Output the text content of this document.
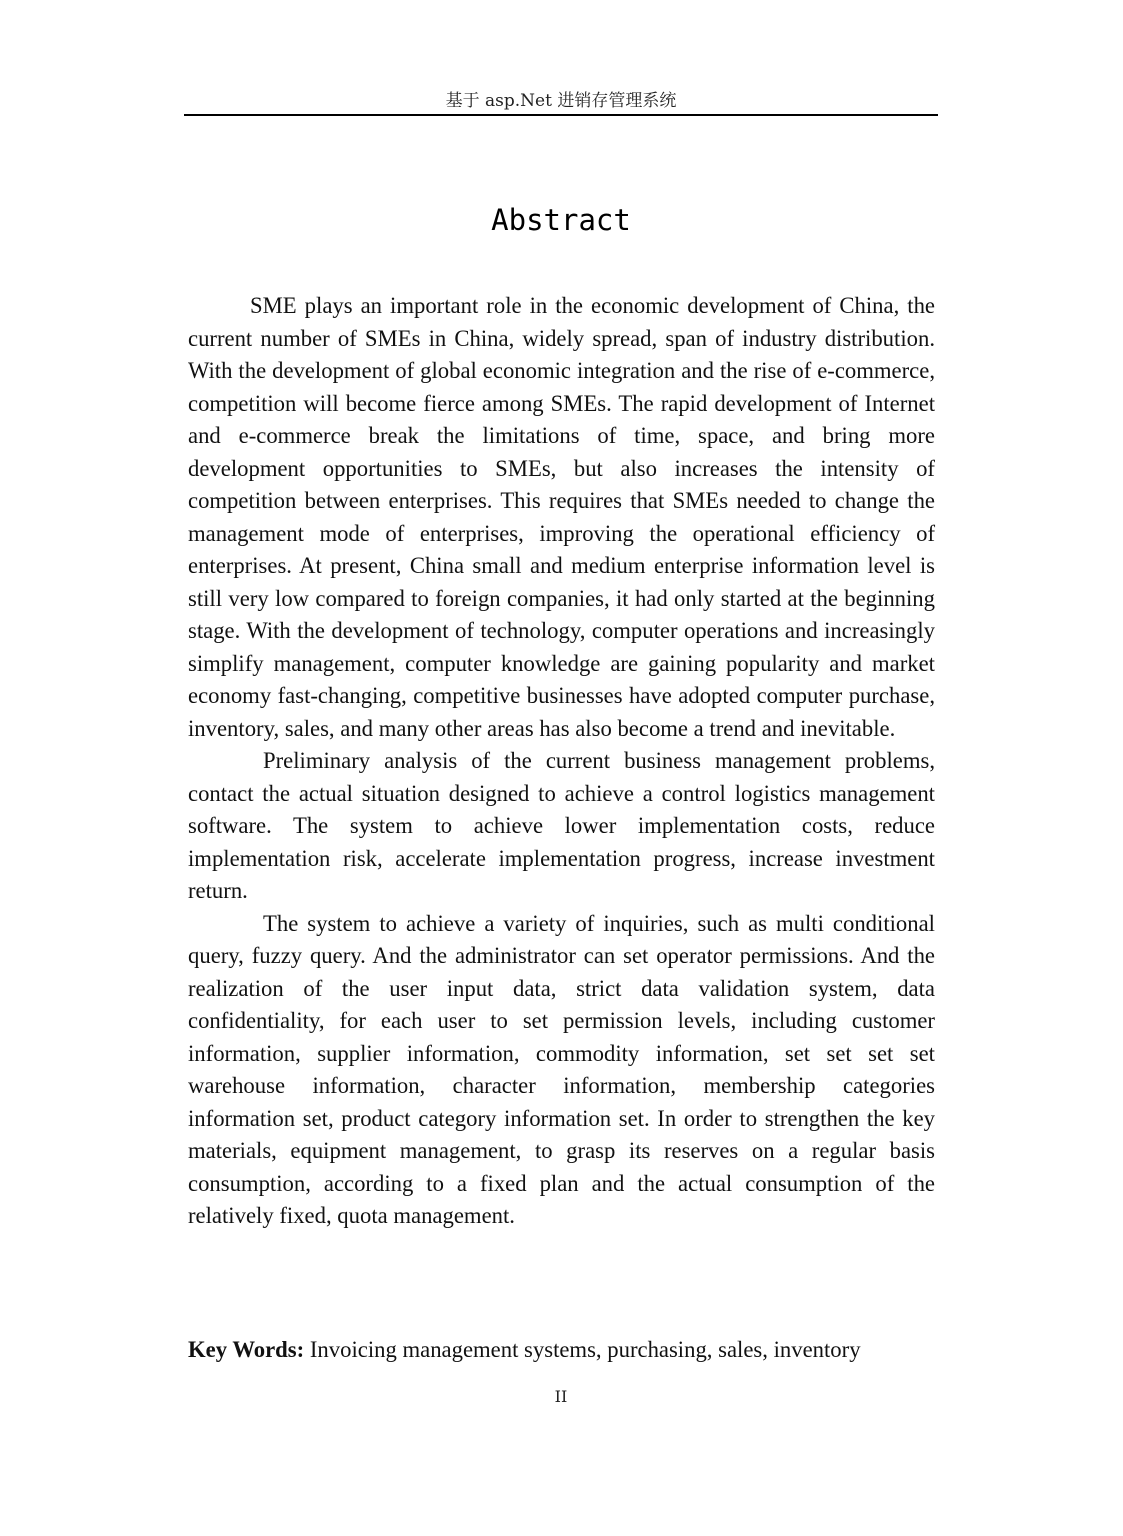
基于 asp.Net 进销存管理系统
Abstract

SME plays an important role in the economic development of China, the current number of SMEs in China, widely spread, span of industry distribution. With the development of global economic integration and the rise of e-commerce, competition will become fierce among SMEs. The rapid development of Internet and e-commerce break the limitations of time, space, and bring more development opportunities to SMEs, but also increases the intensity of competition between enterprises. This requires that SMEs needed to change the management mode of enterprises, improving the operational efficiency of enterprises. At present, China small and medium enterprise information level is still very low compared to foreign companies, it had only started at the beginning stage. With the development of technology, computer operations and increasingly simplify management, computer knowledge are gaining popularity and market economy fast-changing, competitive businesses have adopted computer purchase, inventory, sales, and many other areas has also become a trend and inevitable.

Preliminary analysis of the current business management problems, contact the actual situation designed to achieve a control logistics management software. The system to achieve lower implementation costs, reduce implementation risk, accelerate implementation progress, increase investment return.

The system to achieve a variety of inquiries, such as multi conditional query, fuzzy query. And the administrator can set operator permissions. And the realization of the user input data, strict data validation system, data confidentiality, for each user to set permission levels, including customer information, supplier information, commodity information, set set set set warehouse information, character information, membership categories information set, product category information set. In order to strengthen the key materials, equipment management, to grasp its reserves on a regular basis consumption, according to a fixed plan and the actual consumption of the relatively fixed, quota management.

Key Words: Invoicing management systems, purchasing, sales, inventory
II
